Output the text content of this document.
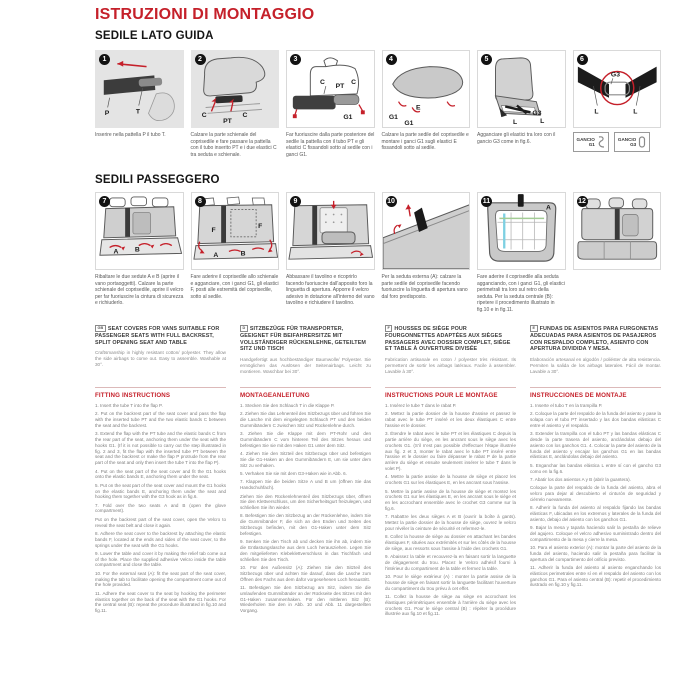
ISTRUZIONI DI MONTAGGIO
SEDILE LATO GUIDA
1
P	T
2
C
PT
C
3
C
PT
C
G1
4
E
G1
G1
5
G3
L	L
6
G3
L	L
Inserire nella pattella P il tubo T.	Calzare la parte schienale del coprisedile e fare passare la pattella con il tubo inserito PT e i due elastici C tra seduta e schienale.
Far fuoriuscire dalla parte posteriore del sedile la pattella con il tubo PT e gli elastici C fissandoli sotto al sedile con i ganci G1.
Calzare la parte sedile del coprisedile e montare i ganci G1 sugli elastici E fissandoli sotto al sedile.
Agganciare gli elastici tra loro con il gancio G3 come in fig.6.	GANCIO
G1
GANCIO
G3
SEDILI PASSEGGERO
7
A B
8
F
F
A	B
9	10	11
A
12
Ribaltare le due sedute A e B (aprire il vano portaoggetti). Calzare la parte schienale del coprisedile, aprire il velcro per far fuoriuscire la cintura di sicurezza e richiuderlo.
Fare aderire il coprisedile allo schienale e agganciare, con i ganci G1, gli elastici F, posti alle estremità del coprisedile, sotto al sedile.
Abbassare il tavolino e ricoprirlo facendo fuoriuscire dall'apposito foro la linguetta di apertura. Apporre il velcro adesivo in dotazione all'interno del vano tavolino e richiudere il tavolino.
Per la seduta esterna (A): calzare la parte sedile del coprisedile facendo fuoriuscire la linguetta di apertura vano dal foro predisposto.
Fare aderire il coprisedile alla seduta agganciando, con i ganci G1, gli elastici perimetrali tra loro sul retro della seduta. Per la seduta centrale (B): ripetere il procedimento illustrato in fig.10 e in fig.11.
GB SEAT COVERS FOR VANS SUITABLE FOR PASSENGER SEATS WITH FULL BACKREST, SPLIT OPENING SEAT AND TABLE
Craftsmanship in highly resistant cotton/ polyester. They allow the side airbags to come out. Easy to assemble. Washable at 30°.
D SITZBEZÜGE FÜR TRANSPORTER, GEEIGNET FÜR BEIFAHRERSITZE MIT VOLLSTÄNDIGER RÜCKENLEHNE, GETEILTEM SITZ UND TISCH
Handgefertigt aus hochbeständiger Baumwolle/ Polyester. Sie ermöglichen das Auslösen der Seitenairbags. Leicht zu montieren. Waschbar bei 30°.
F HOUSSES DE SIÈGE POUR FOURGONNETTES ADAPTÉES AUX SIÈGES PASSAGERS AVEC DOSSIER COMPLET, SIÈGE ET TABLE À OUVERTURE DIVISÉE
Fabrication artisanale en coton / polyester très résistant. Ils permettent de sortir les airbags latéraux. Facile à assembler. Lavable à 30°.
E FUNDAS DE ASIENTOS PARA FURGONETAS ADECUADAS PARA ASIENTOS DE PASAJEROS CON RESPALDO COMPLETO, ASIENTO CON APERTURA DIVIDIDA Y MESA.
Elaboración artesanal en algodón / poliéster de alta resistencia. Permiten la salida de los airbags laterales. Fácil de montar. Lavable a 30°.
FITTING INSTRUCTIONS

1. Insert the tube T into the flap P.

2. Put on the backrest part of the seat cover and pass the flap with the inserted tube PT and the two elastic bands C between the seat and the backrest.

3. Extend the flap with the PT tube and the elastic bands C from the rear part of the seat, anchoring them under the seat with the hooks G1. (If it is not possible to carry out the step illustrated in fig. 2 and 3, fit the flap with the inserted tube PT between the seat and the backrest or make the flap P protrude from the rear part of the seat and only then insert the tube T into the flap P).

4. Put on the seat part of the seat cover and fit the G1 hooks onto the elastic bands E, anchoring them under the seat.

5. Put on the seat part of the seat cover and mount the G1 hooks on the elastic bands E, anchoring them under the seat and hooking them together with the G3 hook as in fig.6.

7. Fold over the two seats A and B (open the glove compartment).

Put on the backrest part of the seat cover, open the Velcro to reveal the seat belt and close it again.

8. Adhere the seat cover to the backrest by attaching the elastic bands F, located at the ends and sides of the seat cover, to the springs under the seat with the G1 hooks.

9. Lower the table and cover it by making the relief tab come out of the hole. Place the supplied adhesive Velcro inside the table compartment and close the table.

10. For the external seat (A): fit the seat part of the seat cover, making the tab to facilitate opening the compartment come out of the hole provided.

11. Adhere the seat cover to the seat by hooking the perimeter elastics together on the back of the seat with the G1 hooks. For the central seat (B): repeat the procedure illustrated in fig.10 and fig.11.

MONTAGEANLEITUNG

1. Stecken Sie den Schlauch T in die Klappe P.

2. Ziehen Sie das Lehnenteil des Sitzbezugs über und führen Sie die Lasche mit dem eingelegten Schlauch PT und den beiden Gummibändern C zwischen Sitz und Rückenlehne durch.

3. Ziehen Sie die Klappe mit dem PT-Rohr und den Gummibändern C vom hinteren Teil des Sitzes heraus und befestigen Sie sie mit den Haken G1 unter dem Sitz.

4. Ziehen Sie den Sitzteil des Sitzbezugs über und befestigen Sie die G1-Haken an den Gummibändern E, um sie unter dem Sitz zu verhaken.

5. Verhaken Sie sie mit dem G3-Haken wie in Abb. 6.

7. Klappen Sie die beiden Sitze A und B um (öffnen Sie das Handschuhfach).

Ziehen Sie den Rückenlehnenteil des Sitzbezugs über, öffnen Sie den Klettverschluss, um den Sicherheitsgurt freizulegen, und schließen Sie ihn wieder.

8. Befestigen Sie den Sitzbezug an der Rückenlehne, indem Sie die Gummibänder F, die sich an den Enden und Seiten des Sitzbezugs befinden, mit den G1-Haken unter dem Sitz befestigen.

9. Senken Sie den Tisch ab und decken Sie ihn ab, indem Sie die Entlastungslasche aus dem Loch herausziehen. Legen Sie den mitgelieferten Klebeklettverschluss in das Tischfach und schließen Sie den Tisch.

10. Für den Außensitz (A): Ziehen Sie den Sitzteil des Sitzbezugs über und achten Sie darauf, dass die Lasche zum Öffnen des Fachs aus dem dafür vorgesehenen Loch heraustritt.

11. Befestigen Sie den Sitzbezug am Sitz, indem Sie die umlaufenden Gummibänder an der Rückseite des Sitzes mit den G1-Haken zusammenhaken. Für den mittleren Sitz (B): Wiederholen Sie den in Abb. 10 und Abb. 11 dargestellten Vorgang.

INSTRUCTIONS POUR LE MONTAGE

1. Insérez le tube T dans le rabat P.

2. Mettez la partie dossier de la housse d'assise et passez le rabat avec le tube PT inséré et les deux élastiques C entre l'assise et le dossier.

3. Étendre le rabat avec le tube PT et les élastiques C depuis la partie arrière du siège, en les ancrant sous le siège avec les crochets G1. (S'il n'est pas possible d'effectuer l'étape illustrée aux fig. 2 et 3, monter le rabat avec le tube PT inséré entre l'assise et le dossier ou faire dépasser le rabat P de la partie arrière du siège et ensuite seulement insérer le tube T dans le volet P).

4. Mettre la partie assise de la housse de siège et placez les crochets G1 sur les élastiques E, en les ancrant sous l'assise.

5. Mettre la partie assise de la housse de siège et montez les crochets G1 sur les élastiques E, en les ancrant sous le siège et en les accrochant ensemble avec le crochet G3 comme sur la fig.6.

7. Rabattre les deux sièges A et B (ouvrir la boîte à gants). Mettez la partie dossier de la housse de siège, ouvrez le velcro pour révéler la ceinture de sécurité et refermez-le.

8. Collez la housse de siège au dossier en attachant les bandes élastiques F, situées aux extrémités et sur les côtés de la housse de siège, aux ressorts sous l'assise à l'aide des crochets G1.

9. Abaissez la table et recouvrez-la en faisant sortir la languette de dégagement du trou. Placez le Velcro adhésif fourni à l'intérieur du compartiment de la table et fermez la table.

10. Pour le siège extérieur (A) : monter la partie assise de la housse de siège en faisant sortir la languette facilitant l'ouverture du compartiment du trou prévu à cet effet.

11. Collez la housse de siège au siège en accrochant les élastiques périmétriques ensemble à l'arrière du siège avec les crochets G1. Pour le siège central (B) : répéter la procédure illustrée aux fig.10 et fig.11.

INSTRUCCIONES DE MONTAJE

1. Inserte el tubo T en la trampilla P.

2. Coloque la parte del respaldo de la funda del asiento y pase la solapa con el tubo PT insertado y las dos bandas elásticas C entre el asiento y el respaldo.

3. Extender la trampilla con el tubo PT y las bandas elásticas C desde la parte trasera del asiento, anclándolas debajo del asiento con los ganchos G1. 4. Colocar la parte del asiento de la funda del asiento y encajar los ganchos G1 en las bandas elásticas E, anclándolas debajo del asiento.

5. Enganchar las bandas elástica L entre sí con el gancho G3 como en la fig.6.

7. Abatir los dos asientos A y B (abrir la guantera).

Coloque la parte del respaldo de la funda del asiento, abra el velcro para dejar al descubierto el cinturón de seguridad y ciérrelo nuevamente.

8. Adherir la funda del asiento al respaldo fijando las bandas elásticas F, ubicadas en los extremos y laterales de la funda del asiento, debajo del asiento con los ganchos G1.

9. Bajar la mesa y taparla haciendo salir la pestaña de relieve del agujero. Coloque el velcro adhesivo suministrado dentro del compartimento de la mesa y cierre la mesa.

10. Para el asiento exterior (A): montar la parte del asiento de la funda del asiento, haciendo salir la pestaña para facilitar la apertura del compartimento del orificio previsto.

11. Adherir la funda del asiento al asiento enganchando los elásticos perimetrales entre sí en el respaldo del asiento con los ganchos G1. Para el asiento central (B): repetir el procedimiento ilustrado en fig.10 y fig.11.
